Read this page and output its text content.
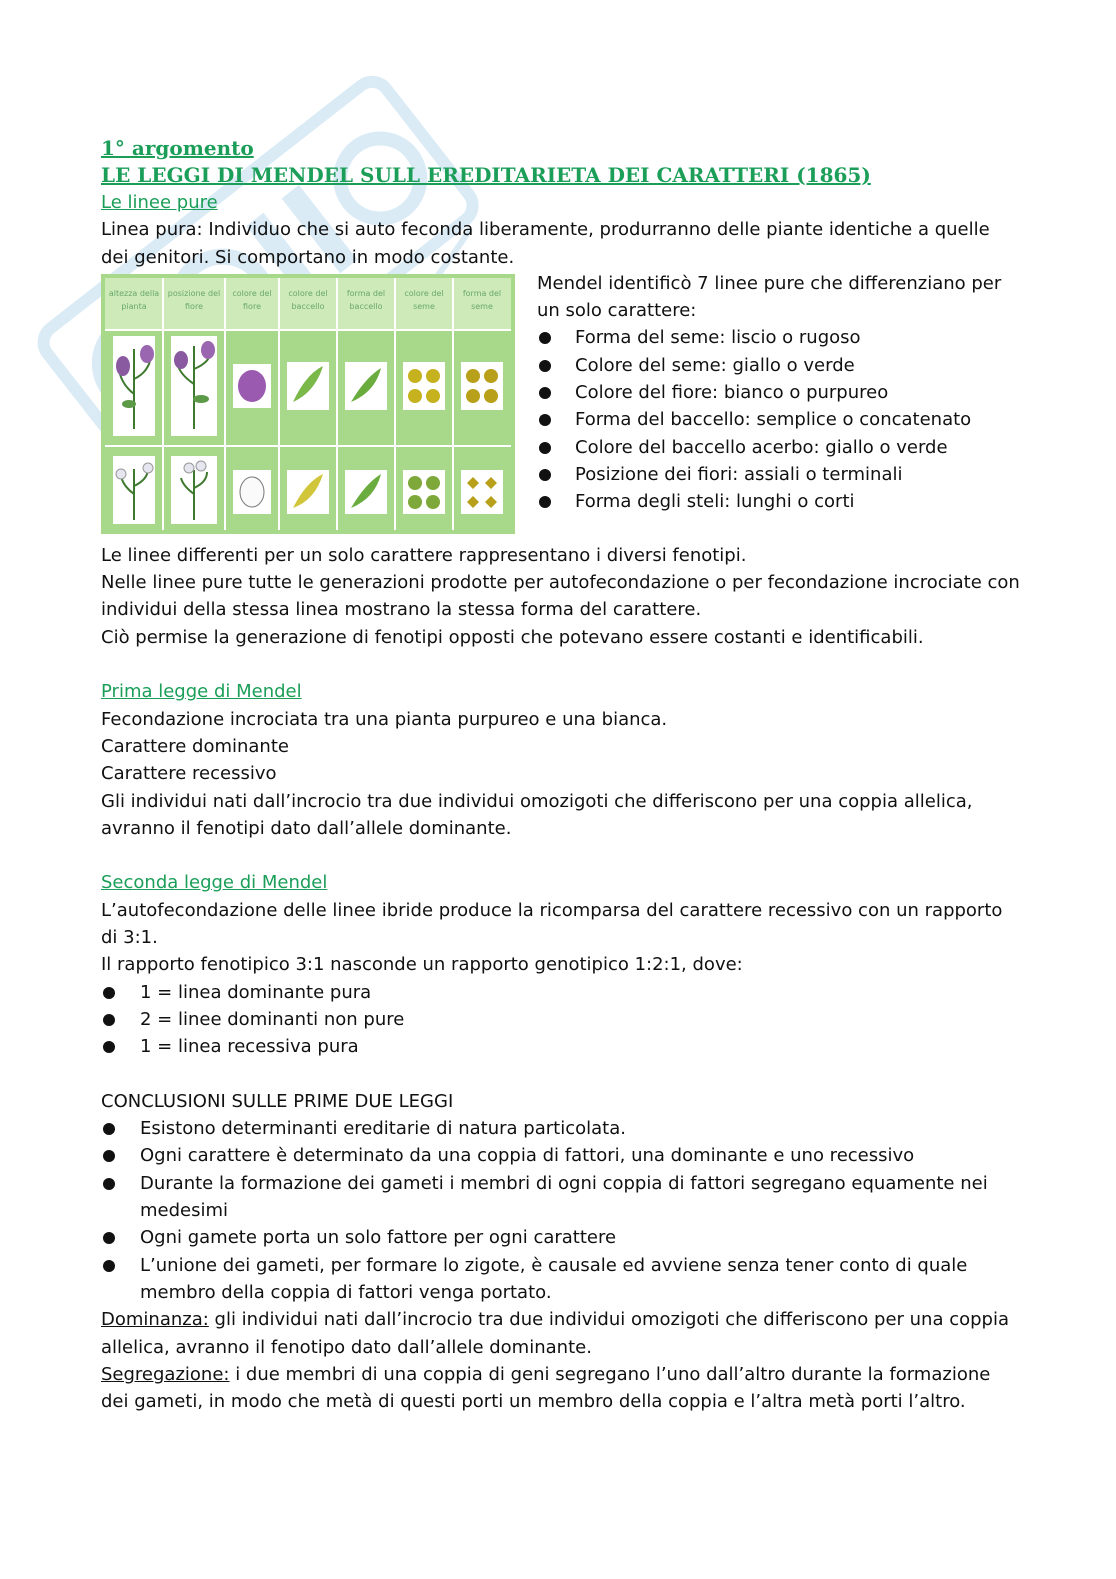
1° argomento
LE LEGGI DI MENDEL SULL EREDITARIETA DEI CARATTERI (1865)
Le linee pure

Linea pura: Individuo che si auto feconda liberamente, produrranno delle piante identiche a quelle dei genitori. Si comportano in modo costante.

altezza della pianta
posizione del fiore
colore del fiore
colore del baccello
forma del baccello
colore del seme
forma del seme

Mendel identificò 7 linee pure che differenziano per un solo carattere:

Forma del seme: liscio o rugoso
Colore del seme: giallo o verde
Colore del fiore: bianco o purpureo
Forma del baccello: semplice o concatenato
Colore del baccello acerbo: giallo o verde
Posizione dei fiori: assiali o terminali
Forma degli steli: lunghi o corti

Le linee differenti per un solo carattere rappresentano i diversi fenotipi.

Nelle linee pure tutte le generazioni prodotte per autofecondazione o per fecondazione incrociate con individui della stessa linea mostrano la stessa forma del carattere.

Ciò permise la generazione di fenotipi opposti che potevano essere costanti e identificabili.

Prima legge di Mendel

Fecondazione incrociata tra una pianta purpureo e una bianca.

Carattere dominante

Carattere recessivo

Gli individui nati dall’incrocio tra due individui omozigoti che differiscono per una coppia allelica, avranno il fenotipi dato dall’allele dominante.

Seconda legge di Mendel

L’autofecondazione delle linee ibride produce la ricomparsa del carattere recessivo con un rapporto di 3:1.

Il rapporto fenotipico 3:1 nasconde un rapporto genotipico 1:2:1, dove:

1 = linea dominante pura
2 = linee dominanti non pure
1 = linea recessiva pura

CONCLUSIONI SULLE PRIME DUE LEGGI

Esistono determinanti ereditarie di natura particolata.
Ogni carattere è determinato da una coppia di fattori, una dominante e uno recessivo
Durante la formazione dei gameti i membri di ogni coppia di fattori segregano equamente nei medesimi
Ogni gamete porta un solo fattore per ogni carattere
L’unione dei gameti, per formare lo zigote, è causale ed avviene senza tener conto di quale membro della coppia di fattori venga portato.

Dominanza: gli individui nati dall’incrocio tra due individui omozigoti che differiscono per una coppia allelica, avranno il fenotipo dato dall’allele dominante.

Segregazione: i due membri di una coppia di geni segregano l’uno dall’altro durante la formazione dei gameti, in modo che metà di questi porti un membro della coppia e l’altra metà porti l’altro.
